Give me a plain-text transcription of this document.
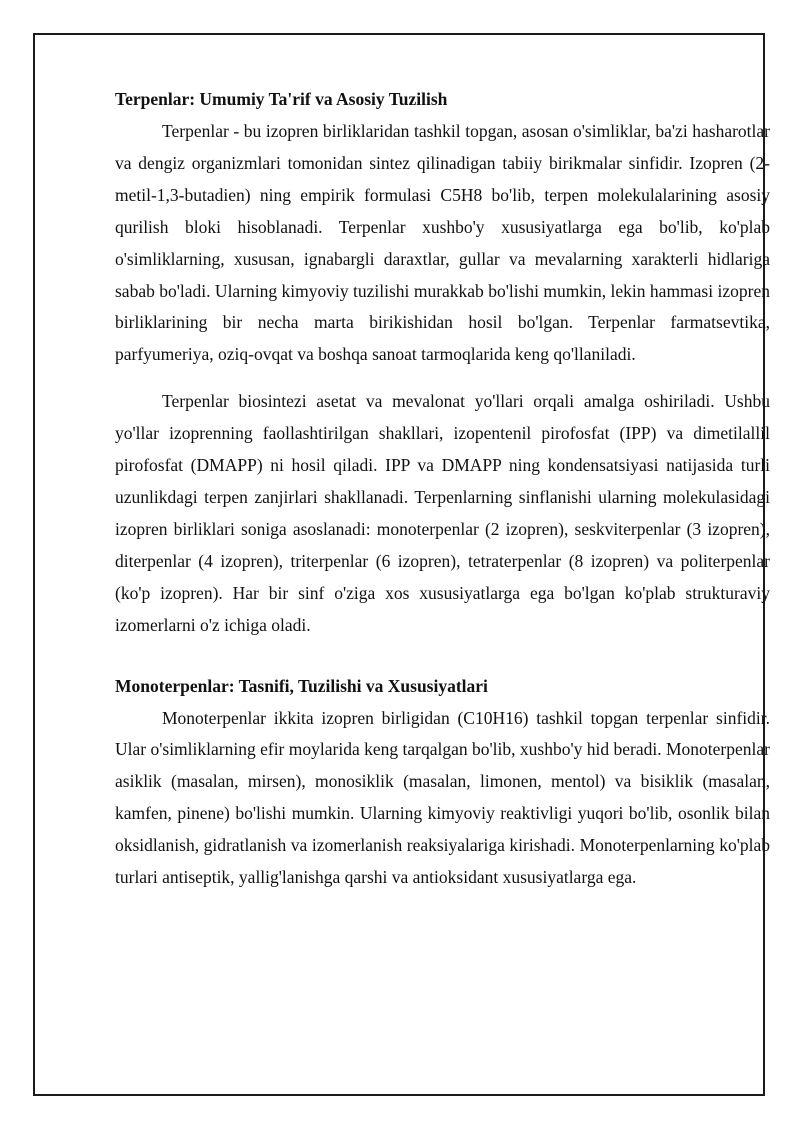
Terpenlar: Umumiy Ta'rif va Asosiy Tuzilish

Terpenlar - bu izopren birliklaridan tashkil topgan, asosan o'simliklar, ba'zi hasharotlar va dengiz organizmlari tomonidan sintez qilinadigan tabiiy birikmalar sinfidir. Izopren (2-metil-1,3-butadien) ning empirik formulasi C5H8 bo'lib, terpen molekulalarining asosiy qurilish bloki hisoblanadi. Terpenlar xushbo'y xususiyatlarga ega bo'lib, ko'plab o'simliklarning, xususan, ignabargli daraxtlar, gullar va mevalarning xarakterli hidlariga sabab bo'ladi. Ularning kimyoviy tuzilishi murakkab bo'lishi mumkin, lekin hammasi izopren birliklarining bir necha marta birikishidan hosil bo'lgan. Terpenlar farmatsevtika, parfyumeriya, oziq-ovqat va boshqa sanoat tarmoqlarida keng qo'llaniladi.

Terpenlar biosintezi asetat va mevalonat yo'llari orqali amalga oshiriladi. Ushbu yo'llar izoprenning faollashtirilgan shakllari, izopentenil pirofosfat (IPP) va dimetilallil pirofosfat (DMAPP) ni hosil qiladi. IPP va DMAPP ning kondensatsiyasi natijasida turli uzunlikdagi terpen zanjirlari shakllanadi. Terpenlarning sinflanishi ularning molekulasidagi izopren birliklari soniga asoslanadi: monoterpenlar (2 izopren), seskviterpenlar (3 izopren), diterpenlar (4 izopren), triterpenlar (6 izopren), tetraterpenlar (8 izopren) va politerpenlar (ko'p izopren). Har bir sinf o'ziga xos xususiyatlarga ega bo'lgan ko'plab strukturaviy izomerlarni o'z ichiga oladi.

Monoterpenlar: Tasnifi, Tuzilishi va Xususiyatlari

Monoterpenlar ikkita izopren birligidan (C10H16) tashkil topgan terpenlar sinfidir. Ular o'simliklarning efir moylarida keng tarqalgan bo'lib, xushbo'y hid beradi. Monoterpenlar asiklik (masalan, mirsen), monosiklik (masalan, limonen, mentol) va bisiklik (masalan, kamfen, pinene) bo'lishi mumkin. Ularning kimyoviy reaktivligi yuqori bo'lib, osonlik bilan oksidlanish, gidratlanish va izomerlanish reaksiyalariga kirishadi. Monoterpenlarning ko'plab turlari antiseptik, yallig'lanishga qarshi va antioksidant xususiyatlarga ega.
